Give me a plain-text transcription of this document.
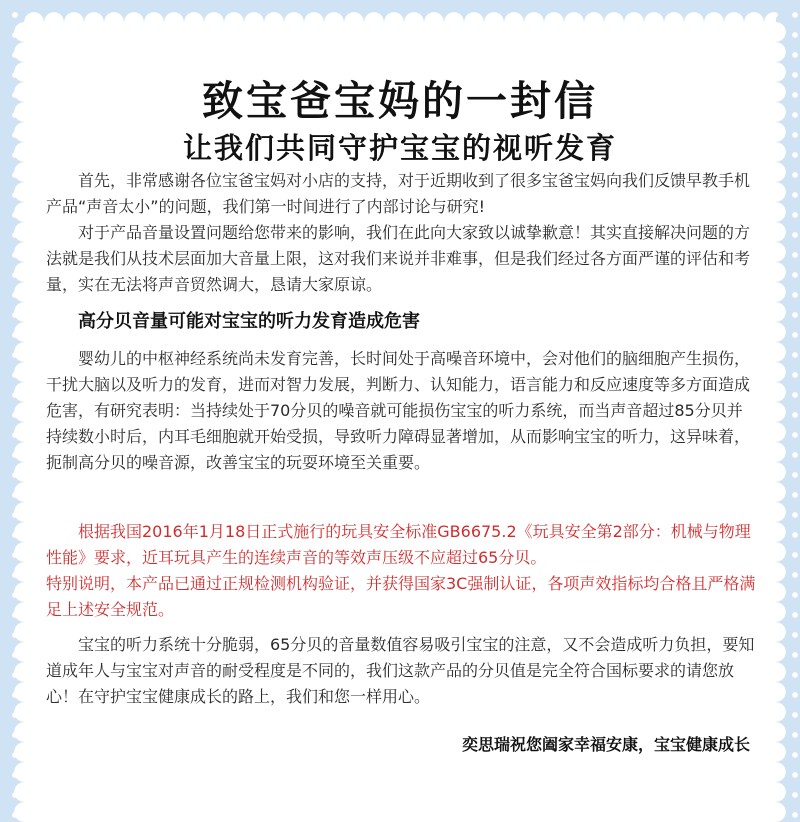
致宝爸宝妈的一封信
让我们共同守护宝宝的视听发育

首先，非常感谢各位宝爸宝妈对小店的支持，对于近期收到了很多宝爸宝妈向我们反馈早教手机产品“声音太小”的问题，我们第一时间进行了内部讨论与研究!

对于产品音量设置问题给您带来的影响，我们在此向大家致以诚挚歉意！其实直接解决问题的方法就是我们从技术层面加大音量上限，这对我们来说并非难事，但是我们经过各方面严谨的评估和考量，实在无法将声音贸然调大，恳请大家原谅。

高分贝音量可能对宝宝的听力发育造成危害

婴幼儿的中枢神经系统尚未发育完善，长时间处于高噪音环境中，会对他们的脑细胞产生损伤，干扰大脑以及听力的发育，进而对智力发展，判断力、认知能力，语言能力和反应速度等多方面造成危害，有研究表明：当持续处于70分贝的噪音就可能损伤宝宝的听力系统，而当声音超过85分贝并持续数小时后，内耳毛细胞就开始受损，导致听力障碍显著增加，从而影响宝宝的听力，这异味着，扼制高分贝的噪音源，改善宝宝的玩耍环境至关重要。

根据我国2016年1月18日正式施行的玩具安全标准GB6675.2《玩具安全第2部分：机械与物理性能》要求，近耳玩具产生的连续声音的等效声压级不应超过65分贝。

特别说明，本产品已通过正规检测机构验证，并获得国家3C强制认证，各项声效指标均合格且严格满足上述安全规范。

宝宝的听力系统十分脆弱，65分贝的音量数值容易吸引宝宝的注意，又不会造成听力负担，要知道成年人与宝宝对声音的耐受程度是不同的，我们这款产品的分贝值是完全符合国标要求的请您放心！在守护宝宝健康成长的路上，我们和您一样用心。

奕思瑞祝您阖家幸福安康，宝宝健康成长
